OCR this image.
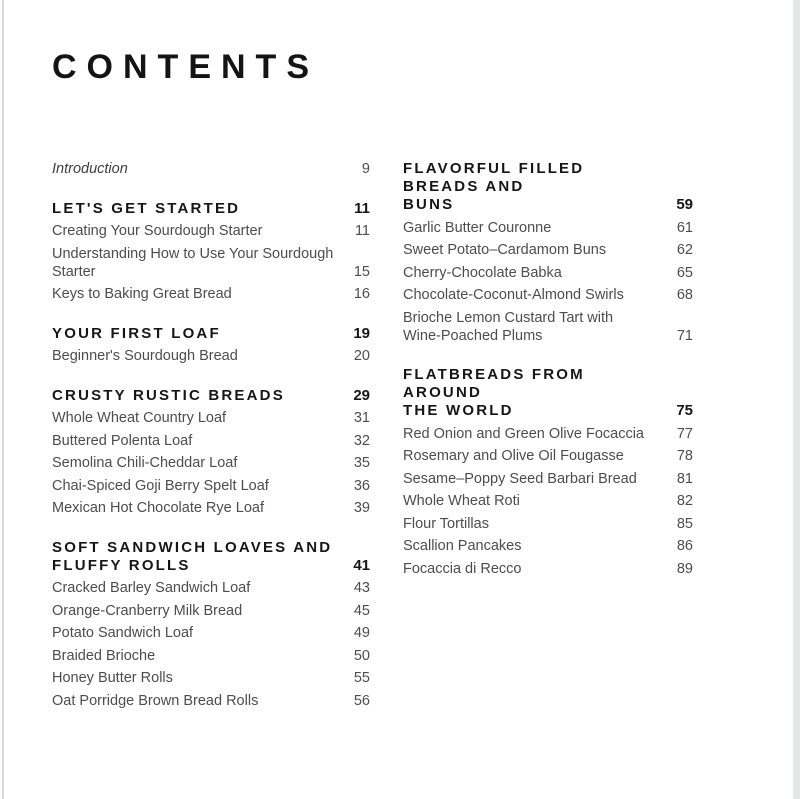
CONTENTS
Introduction	9
LET'S GET STARTED	11
Creating Your Sourdough Starter	11
Understanding How to Use Your Sourdough Starter	15
Keys to Baking Great Bread	16
YOUR FIRST LOAF	19
Beginner's Sourdough Bread	20
CRUSTY RUSTIC BREADS	29
Whole Wheat Country Loaf	31
Buttered Polenta Loaf	32
Semolina Chili-Cheddar Loaf	35
Chai-Spiced Goji Berry Spelt Loaf	36
Mexican Hot Chocolate Rye Loaf	39
SOFT SANDWICH LOAVES AND
FLUFFY ROLLS	41
Cracked Barley Sandwich Loaf	43
Orange-Cranberry Milk Bread	45
Potato Sandwich Loaf	49
Braided Brioche	50
Honey Butter Rolls	55
Oat Porridge Brown Bread Rolls	56
FLAVORFUL FILLED BREADS AND
BUNS	59
Garlic Butter Couronne	61
Sweet Potato–Cardamom Buns	62
Cherry-Chocolate Babka	65
Chocolate-Coconut-Almond Swirls	68
Brioche Lemon Custard Tart with
Wine-Poached Plums	71
FLATBREADS FROM AROUND
THE WORLD	75
Red Onion and Green Olive Focaccia	77
Rosemary and Olive Oil Fougasse	78
Sesame–Poppy Seed Barbari Bread	81
Whole Wheat Roti	82
Flour Tortillas	85
Scallion Pancakes	86
Focaccia di Recco	89
